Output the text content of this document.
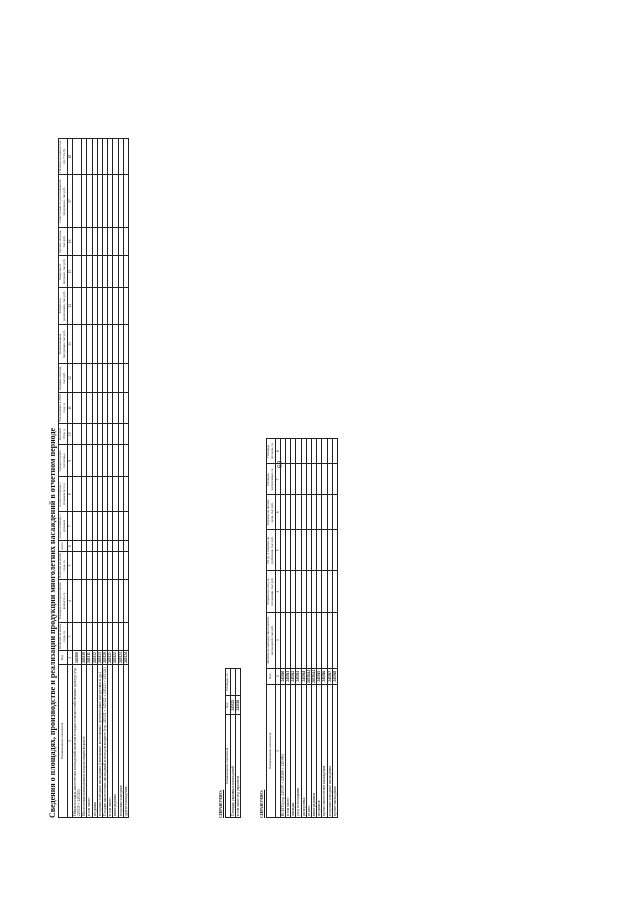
Сведения о площадях, производстве и реализации продукции многолетних насаждений в отчетном периоде	69
Наименование показателя	Код	Наличие на конец года, га	Площадь в плодоносящем возрасте, га	Наличие на конец года, га	всего	из них площадь с урожаем	из них площадь с урожаем (в т.ч.)	Среднегодовое поголовье	Валовой сбор, ц	Реализовано в 2024 году, ц	Прямые затраты, тыс.руб.	Реализованная продукция, тыс.руб.	Затраты на реализацию, тыс.руб.	Выручка от продажи, тыс.руб.	Прочие затраты, тыс.руб.	Себестоимость реализованной продукции, тыс.руб.	Наличие на конец года (гр.7+гр.8)
1	2	3	4	5	6	7	8	9	10	11	12	13	14	15	16	17	18
Общая площадь многолетних насаждений, включая посадки сельскохозяйственных культур (стр. 245310 + 245320)	245300																
Многолетние насаждения в плодоносящем возрасте	245310																
в том числе:	245311																
ягодники	245312																
плодовые и ягодные насаждения (семечковые, косточковые, орехоплодные, цитрусовые и др.)	245313																
Посадки многолетних насаждений в молодом возрасте (стр. 245321 + 245322 + 245323 + 245324)	245320																
в том числе:	245321																
виноградники	245322																
плодовые и ягодные	245323																
другие насаждения	245324																
СПРАВОЧНО:
Наименование показателя	Код	Площадь, га
Площадь укрывных насаждений	245325	
в том числе под укрытием	245326	
СПРАВОЧНО:
Наименование показателя	Код	Затраты на закладку многолетних насаждений, тыс.руб.	Затраты на уход за посадками, тыс.руб.	Из гр. 4 затраты на удобрения, тыс.руб.	Затраты на прочие цели, тыс.руб.	Площадь раскорчевки, га	Площадь посадок, га
1	2	3	4	5	6	7	8
ВСЕГО (стр. 245370 + 245380 + 245390)	245360						
в том числе:	245361						
закладка	245362						
уход за посадками	245363						
раскорчевка	245364						
из них:	245364.1						
виноградников	245364.2						
ягодников	245365						
прочие многолетние насаждения	245366						
плодовые и ягодные насаждения	245367						
прочие насаждения	245368						
